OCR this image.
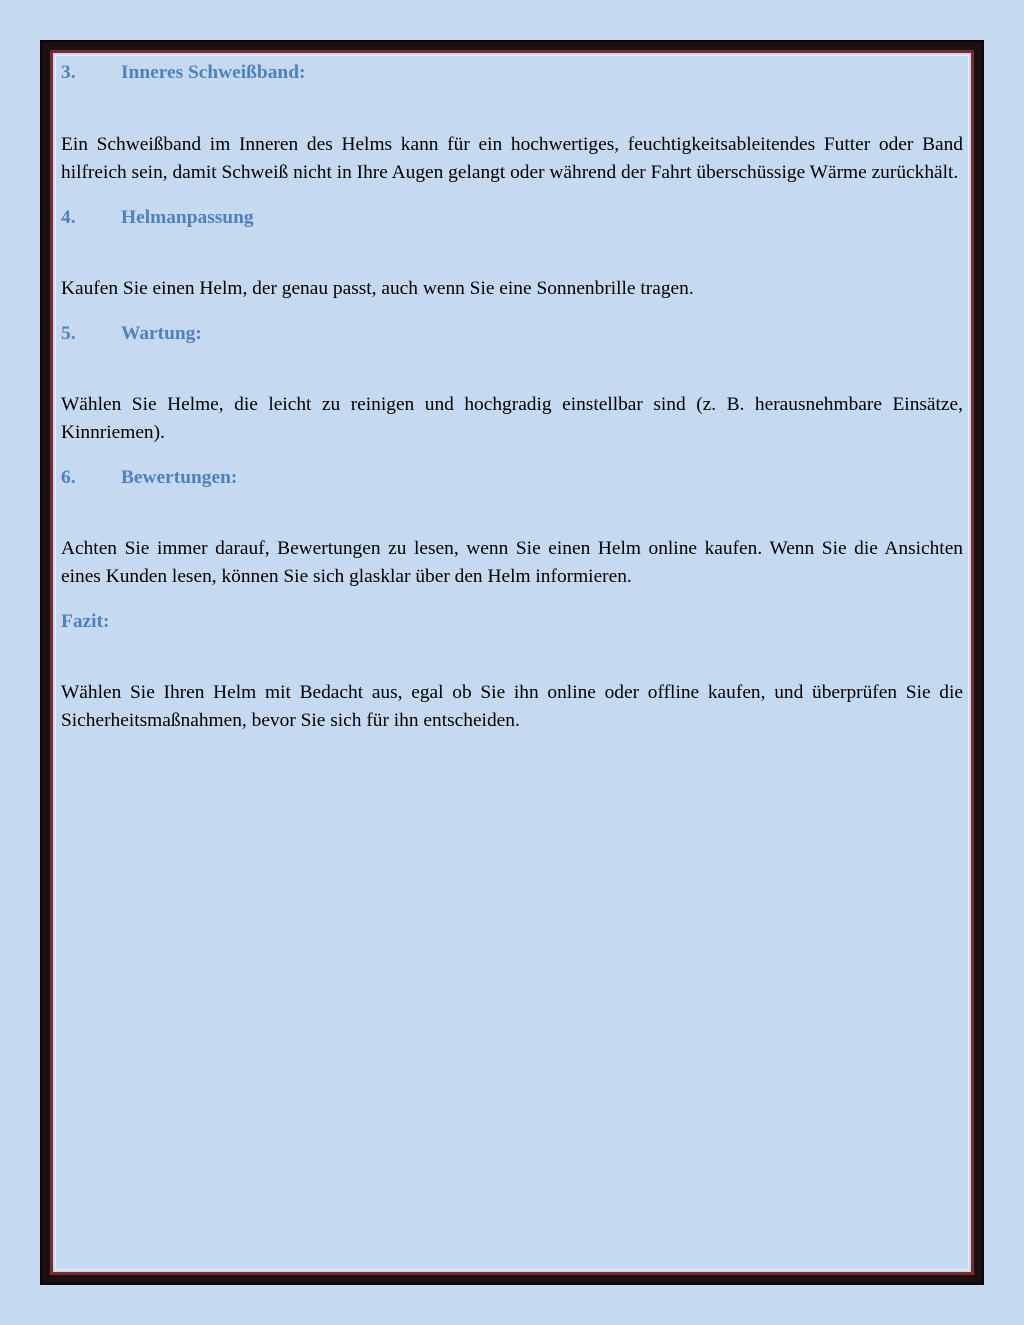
3.	Inneres Schweißband:

Ein Schweißband im Inneren des Helms kann für ein hochwertiges, feuchtigkeitsableitendes Futter oder Band hilfreich sein, damit Schweiß nicht in Ihre Augen gelangt oder während der Fahrt überschüssige Wärme zurückhält.

4.	Helmanpassung

Kaufen Sie einen Helm, der genau passt, auch wenn Sie eine Sonnenbrille tragen.

5.	Wartung:

Wählen Sie Helme, die leicht zu reinigen und hochgradig einstellbar sind (z. B. herausnehmbare Einsätze, Kinnriemen).

6.	Bewertungen:

Achten Sie immer darauf, Bewertungen zu lesen, wenn Sie einen Helm online kaufen. Wenn Sie die Ansichten eines Kunden lesen, können Sie sich glasklar über den Helm informieren.

Fazit:

Wählen Sie Ihren Helm mit Bedacht aus, egal ob Sie ihn online oder offline kaufen, und überprüfen Sie die Sicherheitsmaßnahmen, bevor Sie sich für ihn entscheiden.
